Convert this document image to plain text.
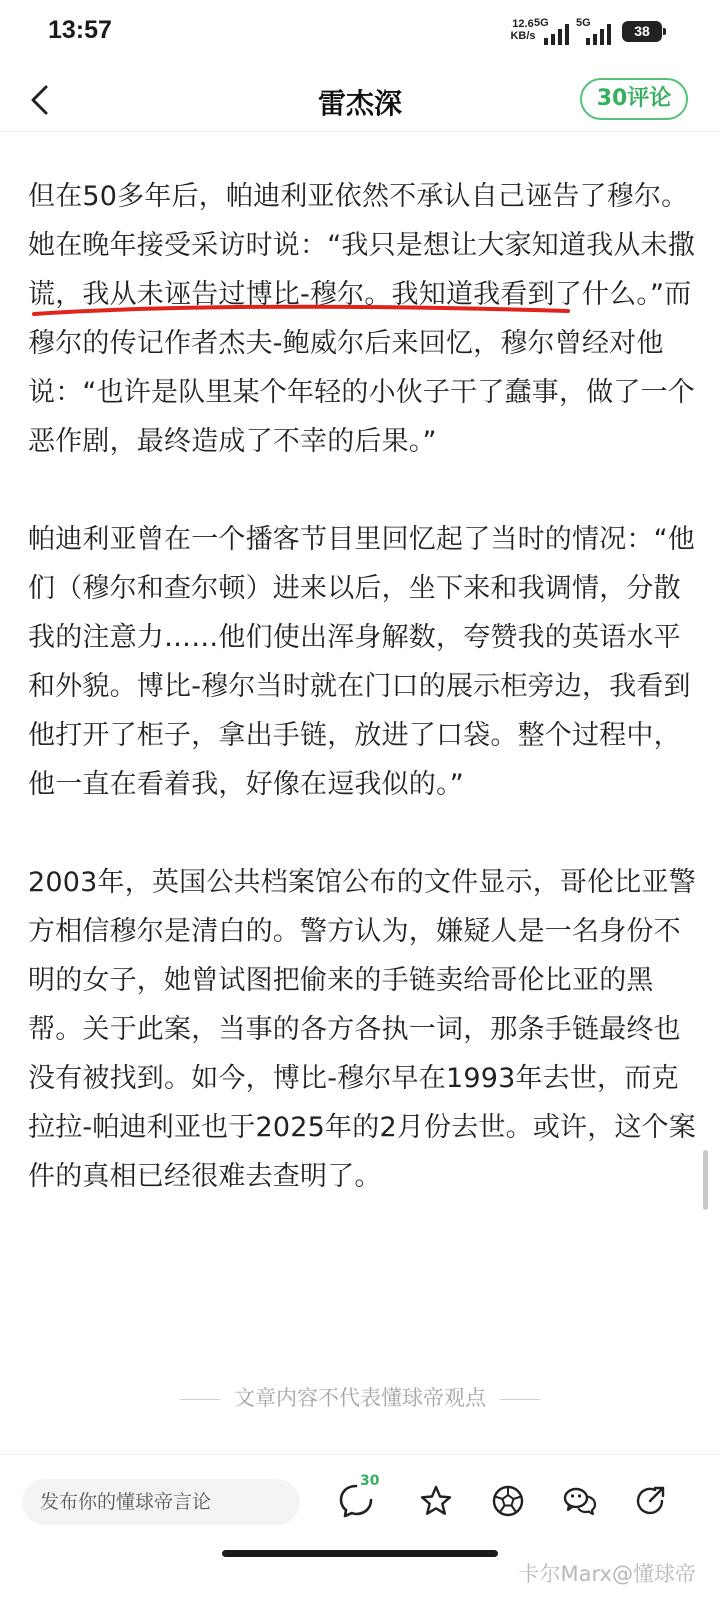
13:57	12.6
KB/s
5G 5G	38
雷杰深	30评论

但在50多年后，帕迪利亚依然不承认自己诬告了穆尔。她在晚年接受采访时说：“我只是想让大家知道我从未撒谎，我从未诬告过博比-穆尔。我知道我看到了什么。”而穆尔的传记作者杰夫-鲍威尔后来回忆，穆尔曾经对他说：“也许是队里某个年轻的小伙子干了蠢事，做了一个恶作剧，最终造成了不幸的后果。”

帕迪利亚曾在一个播客节目里回忆起了当时的情况：“他们（穆尔和查尔顿）进来以后，坐下来和我调情，分散我的注意力……他们使出浑身解数，夸赞我的英语水平和外貌。博比-穆尔当时就在门口的展示柜旁边，我看到他打开了柜子，拿出手链，放进了口袋。整个过程中，他一直在看着我，好像在逗我似的。”

2003年，英国公共档案馆公布的文件显示，哥伦比亚警方相信穆尔是清白的。警方认为，嫌疑人是一名身份不明的女子，她曾试图把偷来的手链卖给哥伦比亚的黑帮。关于此案，当事的各方各执一词，那条手链最终也没有被找到。如今，博比-穆尔早在1993年去世，而克拉拉-帕迪利亚也于2025年的2月份去世。或许，这个案件的真相已经很难去查明了。

文章内容不代表懂球帝观点
发布你的懂球帝言论
30
卡尔Marx@懂球帝
